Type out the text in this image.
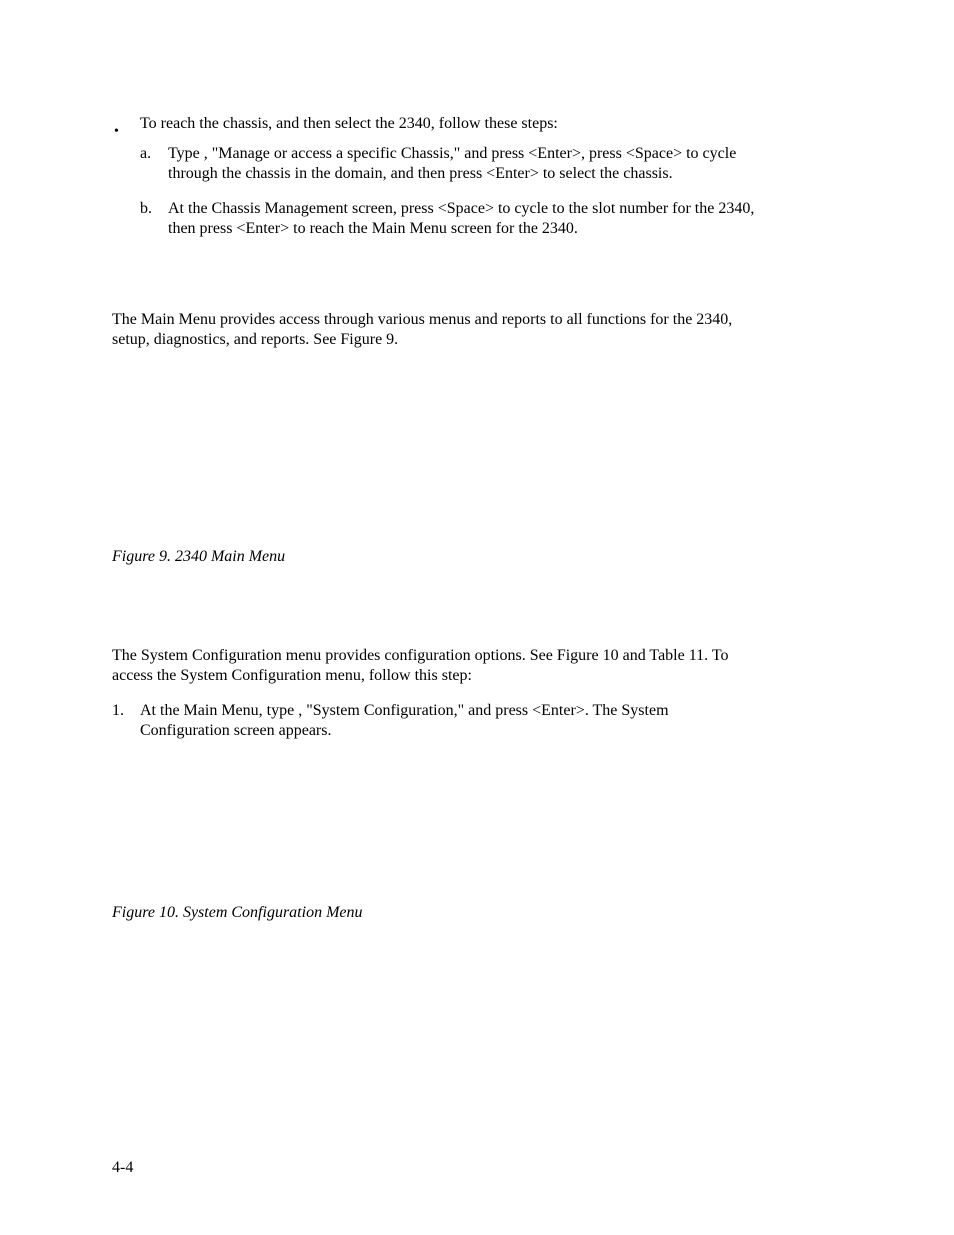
• To reach the chassis, and then select the 2340, follow these steps:
a. Type , "Manage or access a specific Chassis," and press <Enter>, press <Space> to cycle
through the chassis in the domain, and then press <Enter> to select the chassis.
b. At the Chassis Management screen, press <Space> to cycle to the slot number for the 2340,
then press <Enter> to reach the Main Menu screen for the 2340.
The Main Menu provides access through various menus and reports to all functions for the 2340,
setup, diagnostics, and reports. See Figure 9.
Figure 9. 2340 Main Menu
The System Configuration menu provides configuration options. See Figure 10 and Table 11. To
access the System Configuration menu, follow this step:
1. At the Main Menu, type , "System Configuration," and press <Enter>. The System
Configuration screen appears.
Figure 10. System Configuration Menu
4-4
